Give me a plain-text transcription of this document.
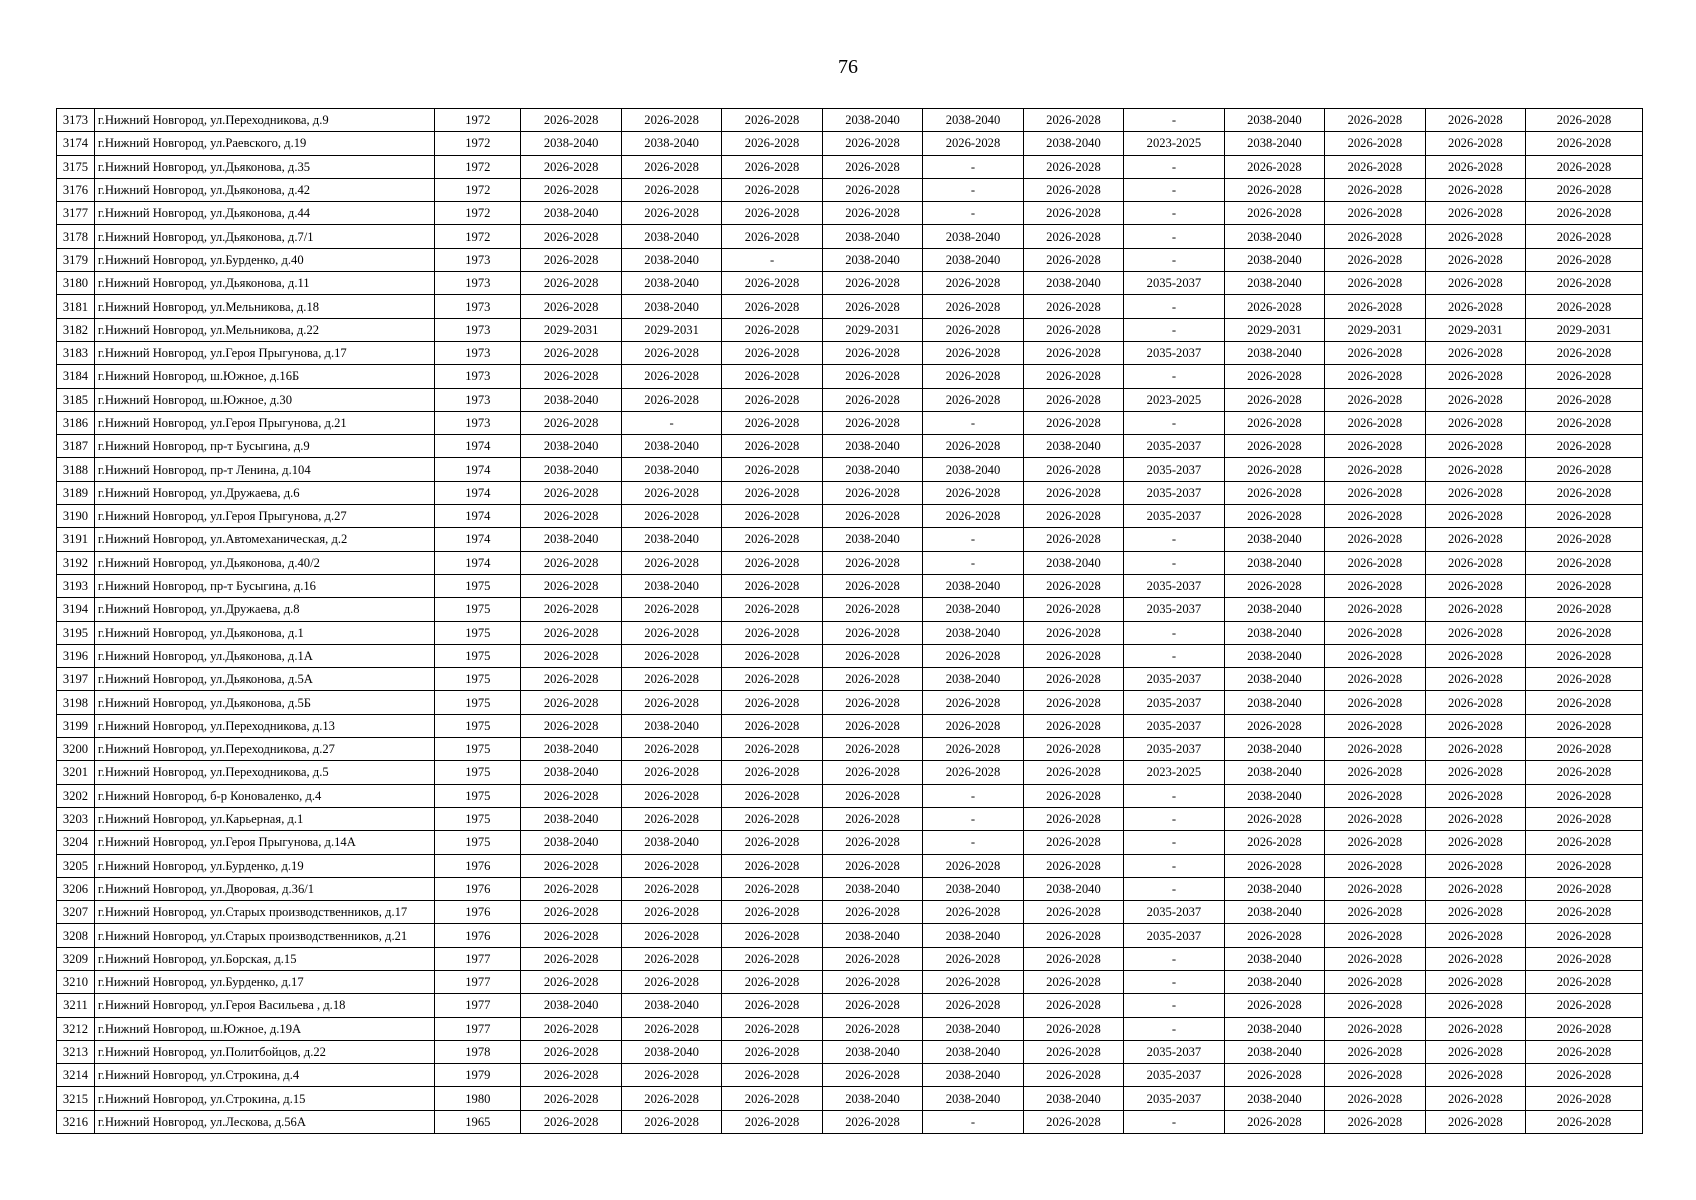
76
3173	г.Нижний Новгород, ул.Переходникова, д.9	1972	2026-2028	2026-2028	2026-2028	2038-2040	2038-2040	2026-2028	-	2038-2040	2026-2028	2026-2028	2026-2028
3174	г.Нижний Новгород, ул.Раевского, д.19	1972	2038-2040	2038-2040	2026-2028	2026-2028	2026-2028	2038-2040	2023-2025	2038-2040	2026-2028	2026-2028	2026-2028
3175	г.Нижний Новгород, ул.Дьяконова, д.35	1972	2026-2028	2026-2028	2026-2028	2026-2028	-	2026-2028	-	2026-2028	2026-2028	2026-2028	2026-2028
3176	г.Нижний Новгород, ул.Дьяконова, д.42	1972	2026-2028	2026-2028	2026-2028	2026-2028	-	2026-2028	-	2026-2028	2026-2028	2026-2028	2026-2028
3177	г.Нижний Новгород, ул.Дьяконова, д.44	1972	2038-2040	2026-2028	2026-2028	2026-2028	-	2026-2028	-	2026-2028	2026-2028	2026-2028	2026-2028
3178	г.Нижний Новгород, ул.Дьяконова, д.7/1	1972	2026-2028	2038-2040	2026-2028	2038-2040	2038-2040	2026-2028	-	2038-2040	2026-2028	2026-2028	2026-2028
3179	г.Нижний Новгород, ул.Бурденко, д.40	1973	2026-2028	2038-2040	-	2038-2040	2038-2040	2026-2028	-	2038-2040	2026-2028	2026-2028	2026-2028
3180	г.Нижний Новгород, ул.Дьяконова, д.11	1973	2026-2028	2038-2040	2026-2028	2026-2028	2026-2028	2038-2040	2035-2037	2038-2040	2026-2028	2026-2028	2026-2028
3181	г.Нижний Новгород, ул.Мельникова, д.18	1973	2026-2028	2038-2040	2026-2028	2026-2028	2026-2028	2026-2028	-	2026-2028	2026-2028	2026-2028	2026-2028
3182	г.Нижний Новгород, ул.Мельникова, д.22	1973	2029-2031	2029-2031	2026-2028	2029-2031	2026-2028	2026-2028	-	2029-2031	2029-2031	2029-2031	2029-2031
3183	г.Нижний Новгород, ул.Героя Прыгунова, д.17	1973	2026-2028	2026-2028	2026-2028	2026-2028	2026-2028	2026-2028	2035-2037	2038-2040	2026-2028	2026-2028	2026-2028
3184	г.Нижний Новгород, ш.Южное, д.16Б	1973	2026-2028	2026-2028	2026-2028	2026-2028	2026-2028	2026-2028	-	2026-2028	2026-2028	2026-2028	2026-2028
3185	г.Нижний Новгород, ш.Южное, д.30	1973	2038-2040	2026-2028	2026-2028	2026-2028	2026-2028	2026-2028	2023-2025	2026-2028	2026-2028	2026-2028	2026-2028
3186	г.Нижний Новгород, ул.Героя Прыгунова, д.21	1973	2026-2028	-	2026-2028	2026-2028	-	2026-2028	-	2026-2028	2026-2028	2026-2028	2026-2028
3187	г.Нижний Новгород, пр-т Бусыгина, д.9	1974	2038-2040	2038-2040	2026-2028	2038-2040	2026-2028	2038-2040	2035-2037	2026-2028	2026-2028	2026-2028	2026-2028
3188	г.Нижний Новгород, пр-т Ленина, д.104	1974	2038-2040	2038-2040	2026-2028	2038-2040	2038-2040	2026-2028	2035-2037	2026-2028	2026-2028	2026-2028	2026-2028
3189	г.Нижний Новгород, ул.Дружаева, д.6	1974	2026-2028	2026-2028	2026-2028	2026-2028	2026-2028	2026-2028	2035-2037	2026-2028	2026-2028	2026-2028	2026-2028
3190	г.Нижний Новгород, ул.Героя Прыгунова, д.27	1974	2026-2028	2026-2028	2026-2028	2026-2028	2026-2028	2026-2028	2035-2037	2026-2028	2026-2028	2026-2028	2026-2028
3191	г.Нижний Новгород, ул.Автомеханическая, д.2	1974	2038-2040	2038-2040	2026-2028	2038-2040	-	2026-2028	-	2038-2040	2026-2028	2026-2028	2026-2028
3192	г.Нижний Новгород, ул.Дьяконова, д.40/2	1974	2026-2028	2026-2028	2026-2028	2026-2028	-	2038-2040	-	2038-2040	2026-2028	2026-2028	2026-2028
3193	г.Нижний Новгород, пр-т Бусыгина, д.16	1975	2026-2028	2038-2040	2026-2028	2026-2028	2038-2040	2026-2028	2035-2037	2026-2028	2026-2028	2026-2028	2026-2028
3194	г.Нижний Новгород, ул.Дружаева, д.8	1975	2026-2028	2026-2028	2026-2028	2026-2028	2038-2040	2026-2028	2035-2037	2038-2040	2026-2028	2026-2028	2026-2028
3195	г.Нижний Новгород, ул.Дьяконова, д.1	1975	2026-2028	2026-2028	2026-2028	2026-2028	2038-2040	2026-2028	-	2038-2040	2026-2028	2026-2028	2026-2028
3196	г.Нижний Новгород, ул.Дьяконова, д.1А	1975	2026-2028	2026-2028	2026-2028	2026-2028	2026-2028	2026-2028	-	2038-2040	2026-2028	2026-2028	2026-2028
3197	г.Нижний Новгород, ул.Дьяконова, д.5А	1975	2026-2028	2026-2028	2026-2028	2026-2028	2038-2040	2026-2028	2035-2037	2038-2040	2026-2028	2026-2028	2026-2028
3198	г.Нижний Новгород, ул.Дьяконова, д.5Б	1975	2026-2028	2026-2028	2026-2028	2026-2028	2026-2028	2026-2028	2035-2037	2038-2040	2026-2028	2026-2028	2026-2028
3199	г.Нижний Новгород, ул.Переходникова, д.13	1975	2026-2028	2038-2040	2026-2028	2026-2028	2026-2028	2026-2028	2035-2037	2026-2028	2026-2028	2026-2028	2026-2028
3200	г.Нижний Новгород, ул.Переходникова, д.27	1975	2038-2040	2026-2028	2026-2028	2026-2028	2026-2028	2026-2028	2035-2037	2038-2040	2026-2028	2026-2028	2026-2028
3201	г.Нижний Новгород, ул.Переходникова, д.5	1975	2038-2040	2026-2028	2026-2028	2026-2028	2026-2028	2026-2028	2023-2025	2038-2040	2026-2028	2026-2028	2026-2028
3202	г.Нижний Новгород, б-р Коноваленко, д.4	1975	2026-2028	2026-2028	2026-2028	2026-2028	-	2026-2028	-	2038-2040	2026-2028	2026-2028	2026-2028
3203	г.Нижний Новгород, ул.Карьерная, д.1	1975	2038-2040	2026-2028	2026-2028	2026-2028	-	2026-2028	-	2026-2028	2026-2028	2026-2028	2026-2028
3204	г.Нижний Новгород, ул.Героя Прыгунова, д.14А	1975	2038-2040	2038-2040	2026-2028	2026-2028	-	2026-2028	-	2026-2028	2026-2028	2026-2028	2026-2028
3205	г.Нижний Новгород, ул.Бурденко, д.19	1976	2026-2028	2026-2028	2026-2028	2026-2028	2026-2028	2026-2028	-	2026-2028	2026-2028	2026-2028	2026-2028
3206	г.Нижний Новгород, ул.Дворовая, д.36/1	1976	2026-2028	2026-2028	2026-2028	2038-2040	2038-2040	2038-2040	-	2038-2040	2026-2028	2026-2028	2026-2028
3207	г.Нижний Новгород, ул.Старых производственников, д.17	1976	2026-2028	2026-2028	2026-2028	2026-2028	2026-2028	2026-2028	2035-2037	2038-2040	2026-2028	2026-2028	2026-2028
3208	г.Нижний Новгород, ул.Старых производственников, д.21	1976	2026-2028	2026-2028	2026-2028	2038-2040	2038-2040	2026-2028	2035-2037	2026-2028	2026-2028	2026-2028	2026-2028
3209	г.Нижний Новгород, ул.Борская, д.15	1977	2026-2028	2026-2028	2026-2028	2026-2028	2026-2028	2026-2028	-	2038-2040	2026-2028	2026-2028	2026-2028
3210	г.Нижний Новгород, ул.Бурденко, д.17	1977	2026-2028	2026-2028	2026-2028	2026-2028	2026-2028	2026-2028	-	2038-2040	2026-2028	2026-2028	2026-2028
3211	г.Нижний Новгород, ул.Героя Васильева , д.18	1977	2038-2040	2038-2040	2026-2028	2026-2028	2026-2028	2026-2028	-	2026-2028	2026-2028	2026-2028	2026-2028
3212	г.Нижний Новгород, ш.Южное, д.19А	1977	2026-2028	2026-2028	2026-2028	2026-2028	2038-2040	2026-2028	-	2038-2040	2026-2028	2026-2028	2026-2028
3213	г.Нижний Новгород, ул.Политбойцов, д.22	1978	2026-2028	2038-2040	2026-2028	2038-2040	2038-2040	2026-2028	2035-2037	2038-2040	2026-2028	2026-2028	2026-2028
3214	г.Нижний Новгород, ул.Строкина, д.4	1979	2026-2028	2026-2028	2026-2028	2026-2028	2038-2040	2026-2028	2035-2037	2026-2028	2026-2028	2026-2028	2026-2028
3215	г.Нижний Новгород, ул.Строкина, д.15	1980	2026-2028	2026-2028	2026-2028	2038-2040	2038-2040	2038-2040	2035-2037	2038-2040	2026-2028	2026-2028	2026-2028
3216	г.Нижний Новгород, ул.Лескова, д.56А	1965	2026-2028	2026-2028	2026-2028	2026-2028	-	2026-2028	-	2026-2028	2026-2028	2026-2028	2026-2028
